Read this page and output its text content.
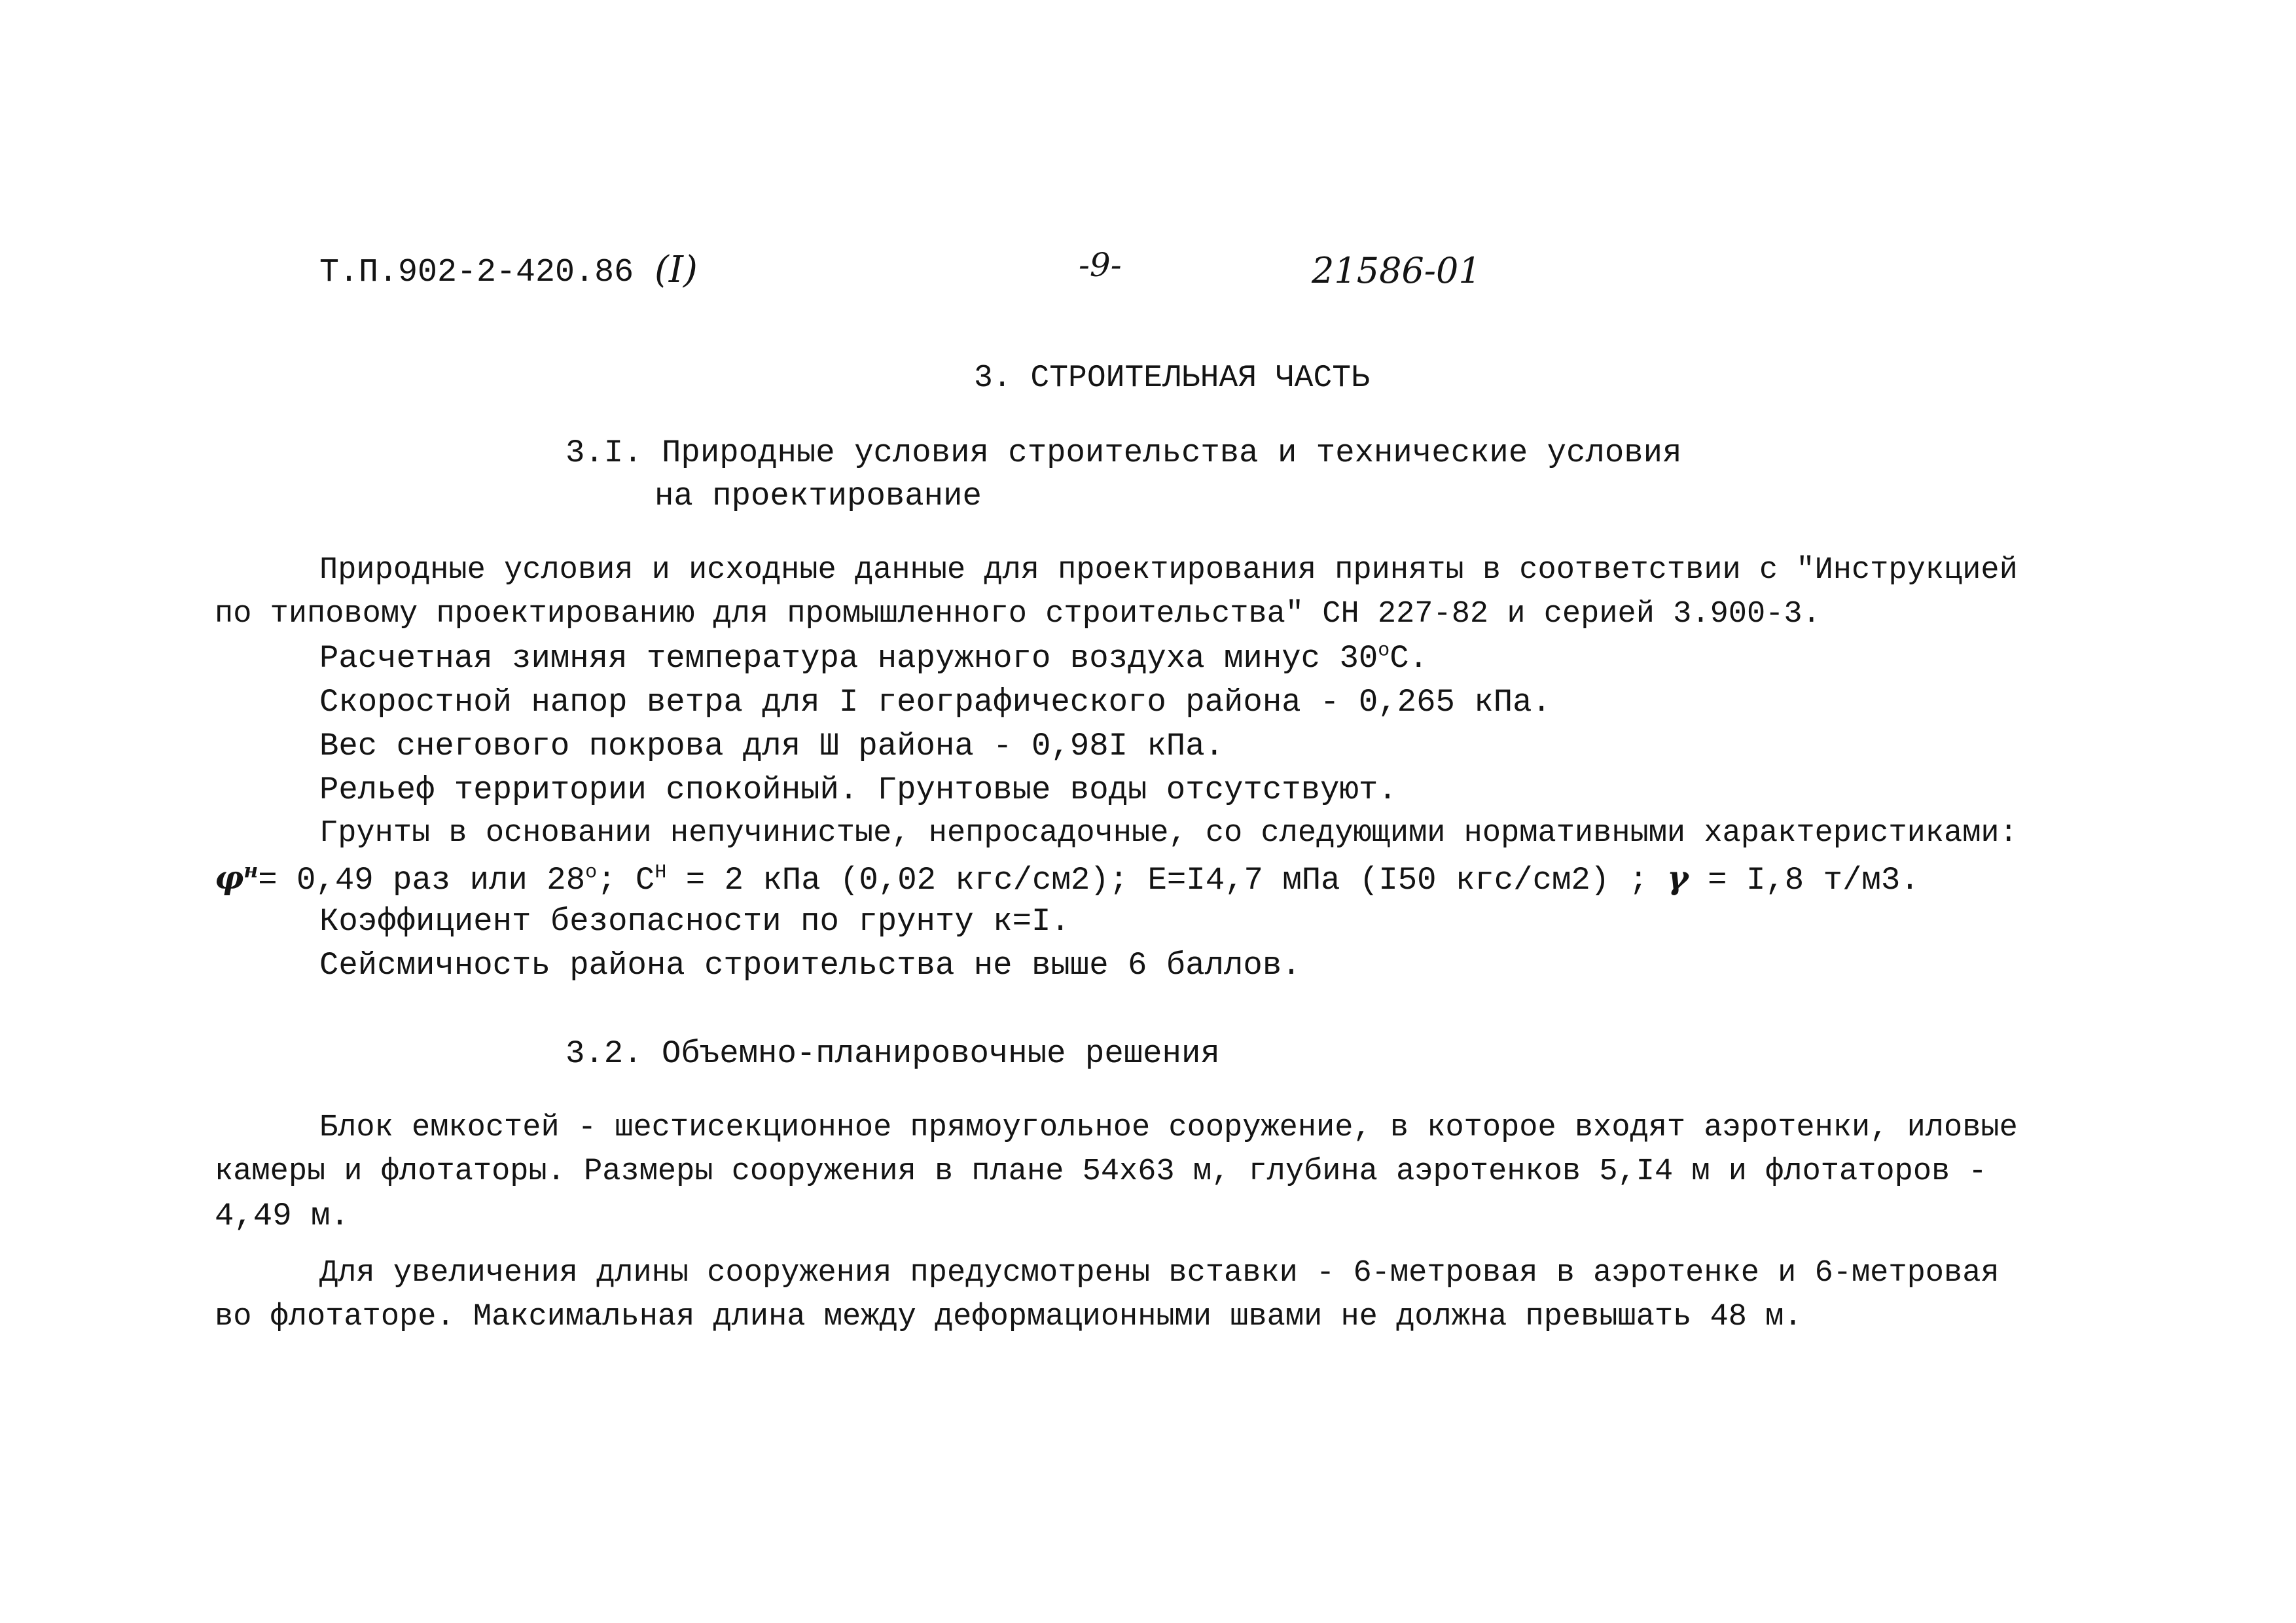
Т.П.902-2-420.86 (I)	-9-	21586-01
3. СТРОИТЕЛЬНАЯ ЧАСТЬ
3.I. Природные условия строительства и технические условия
на проектирование
Природные условия и исходные данные для проектирования приняты в соответствии с "Инструкцией
по типовому проектированию для промышленного строительства" СН 227-82 и серией 3.900-3.
Расчетная зимняя температура наружного воздуха минус $30^оС$.
Скоростной напор ветра для I географического района - 0,265 кПа.
Вес снегового покрова для Ш района - 0,98I кПа.
Рельеф территории спокойный. Грунтовые воды отсутствуют.
Грунты в основании непучинистые, непросадочные, со следующими нормативными характеристиками:
$\varphi^н= 0,49$ раз или $28^о$; $С^Н = 2$ кПа (0,02 кгс/см2); Е=I4,7 мПа (I50 кгс/см2) ; γ = I,8 т/м3.
Коэффициент безопасности по грунту к=I.
Сейсмичность района строительства не выше 6 баллов.
3.2. Объемно-планировочные решения
Блок емкостей - шестисекционное прямоугольное сооружение, в которое входят аэротенки, иловые
камеры и флотаторы. Размеры сооружения в плане 54х63 м, глубина аэротенков 5,I4 м и флотаторов -
4,49 м.
Для увеличения длины сооружения предусмотрены вставки - 6-метровая в аэротенке и 6-метровая
во флотаторе. Максимальная длина между деформационными швами не должна превышать 48 м.
